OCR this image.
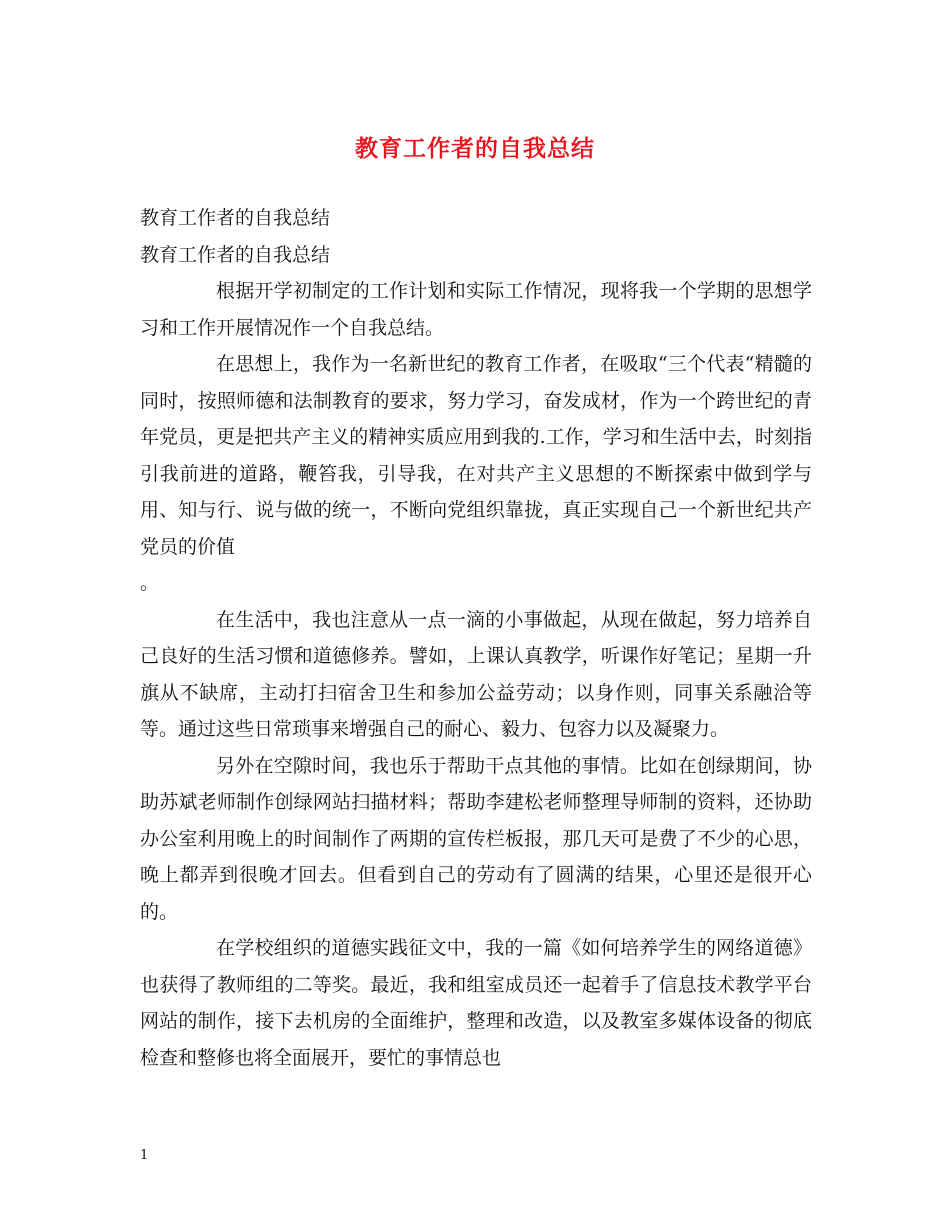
教育工作者的自我总结

教育工作者的自我总结

教育工作者的自我总结

根据开学初制定的工作计划和实际工作情况，现将我一个学期的思想学习和工作开展情况作一个自我总结。

在思想上，我作为一名新世纪的教育工作者，在吸取“三个代表“精髓的同时，按照师德和法制教育的要求，努力学习，奋发成材，作为一个跨世纪的青年党员，更是把共产主义的精神实质应用到我的.工作，学习和生活中去，时刻指引我前进的道路，鞭笞我，引导我，在对共产主义思想的不断探索中做到学与用、知与行、说与做的统一，不断向党组织靠拢，真正实现自己一个新世纪共产党员的价值

。

在生活中，我也注意从一点一滴的小事做起，从现在做起，努力培养自己良好的生活习惯和道德修养。譬如，上课认真教学，听课作好笔记；星期一升旗从不缺席，主动打扫宿舍卫生和参加公益劳动；以身作则，同事关系融洽等等。通过这些日常琐事来增强自己的耐心、毅力、包容力以及凝聚力。

另外在空隙时间，我也乐于帮助干点其他的事情。比如在创绿期间，协助苏斌老师制作创绿网站扫描材料；帮助李建松老师整理导师制的资料，还协助办公室利用晚上的时间制作了两期的宣传栏板报，那几天可是费了不少的心思，晚上都弄到很晚才回去。但看到自己的劳动有了圆满的结果，心里还是很开心的。

在学校组织的道德实践征文中，我的一篇《如何培养学生的网络道德》也获得了教师组的二等奖。最近，我和组室成员还一起着手了信息技术教学平台网站的制作，接下去机房的全面维护，整理和改造，以及教室多媒体设备的彻底检查和整修也将全面展开，要忙的事情总也

1
